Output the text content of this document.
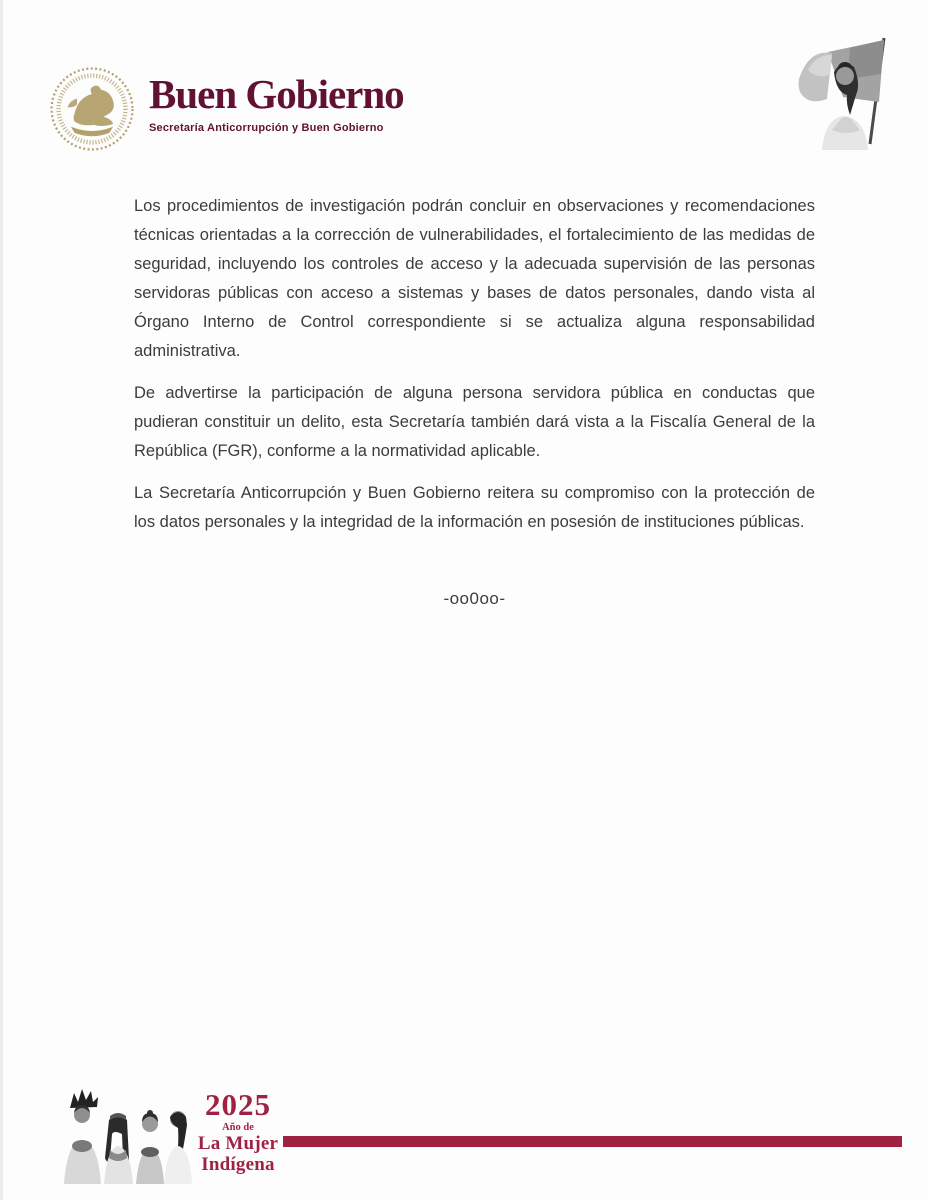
Buen Gobierno
Secretaría Anticorrupción y Buen Gobierno

Los procedimientos de investigación podrán concluir en observaciones y recomendaciones técnicas orientadas a la corrección de vulnerabilidades, el fortalecimiento de las medidas de seguridad, incluyendo los controles de acceso y la adecuada supervisión de las personas servidoras públicas con acceso a sistemas y bases de datos personales, dando vista al Órgano Interno de Control correspondiente si se actualiza alguna responsabilidad administrativa.

De advertirse la participación de alguna persona servidora pública en conductas que pudieran constituir un delito, esta Secretaría también dará vista a la Fiscalía General de la República (FGR), conforme a la normatividad aplicable.

La Secretaría Anticorrupción y Buen Gobierno reitera su compromiso con la protección de los datos personales y la integridad de la información en posesión de instituciones públicas.

-oo0oo-
2025
Año de
La Mujer
Indígena
